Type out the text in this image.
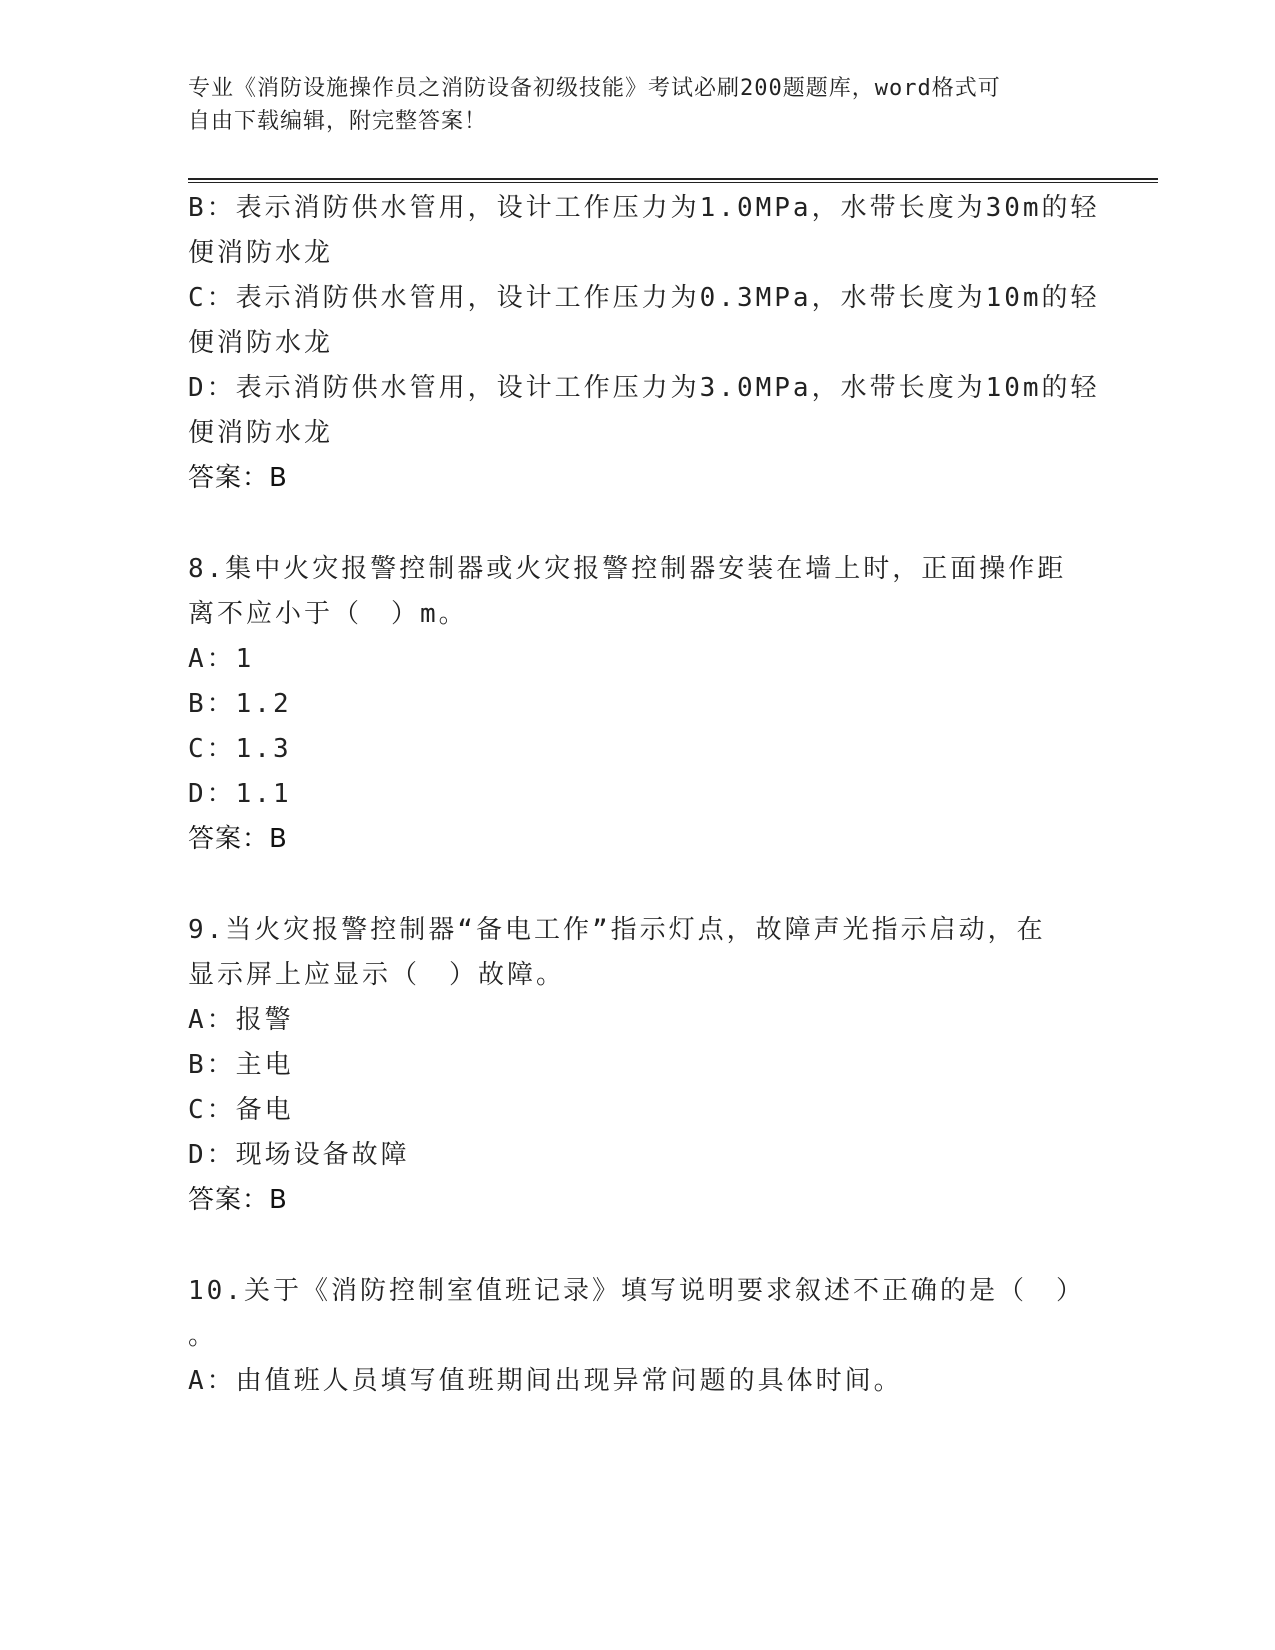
专业《消防设施操作员之消防设备初级技能》考试必刷200题题库，word格式可
自由下载编辑，附完整答案！
B：表示消防供水管用，设计工作压力为1.0MPa，水带长度为30m的轻
便消防水龙
C：表示消防供水管用，设计工作压力为0.3MPa，水带长度为10m的轻
便消防水龙
D：表示消防供水管用，设计工作压力为3.0MPa，水带长度为10m的轻
便消防水龙
答案：B
8.集中火灾报警控制器或火灾报警控制器安装在墙上时，正面操作距
离不应小于（　）m。
A：1
B：1.2
C：1.3
D：1.1
答案：B
9.当火灾报警控制器“备电工作”指示灯点，故障声光指示启动，在
显示屏上应显示（　）故障。
A：报警
B：主电
C：备电
D：现场设备故障
答案：B
10.关于《消防控制室值班记录》填写说明要求叙述不正确的是（　）
。
A：由值班人员填写值班期间出现异常问题的具体时间。
